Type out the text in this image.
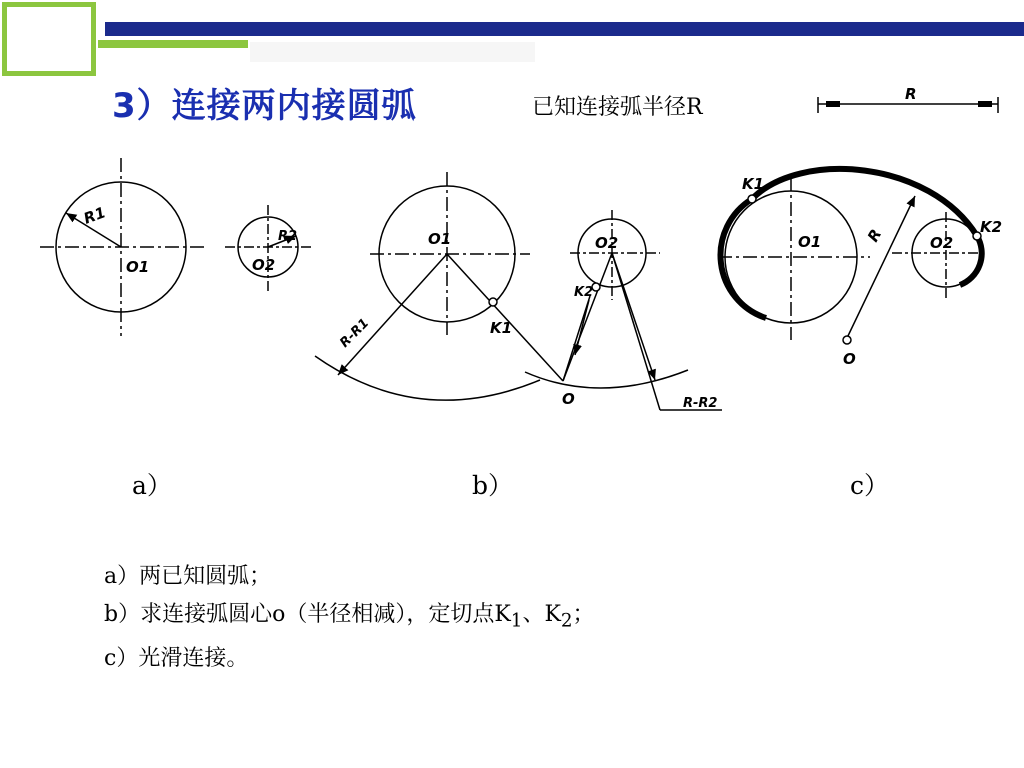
3）连接两内接圆弧	已知连接弧半径R
R
R1
O1
R2
O2
O1	O2
K1
K2
O
R-R1
R-R2
K1
K2
O1	O2
R
O
a）	b）	c）
a）两已知圆弧；
b）求连接弧圆心o（半径相减），定切点$K_1$、$K_2$；
c）光滑连接。
